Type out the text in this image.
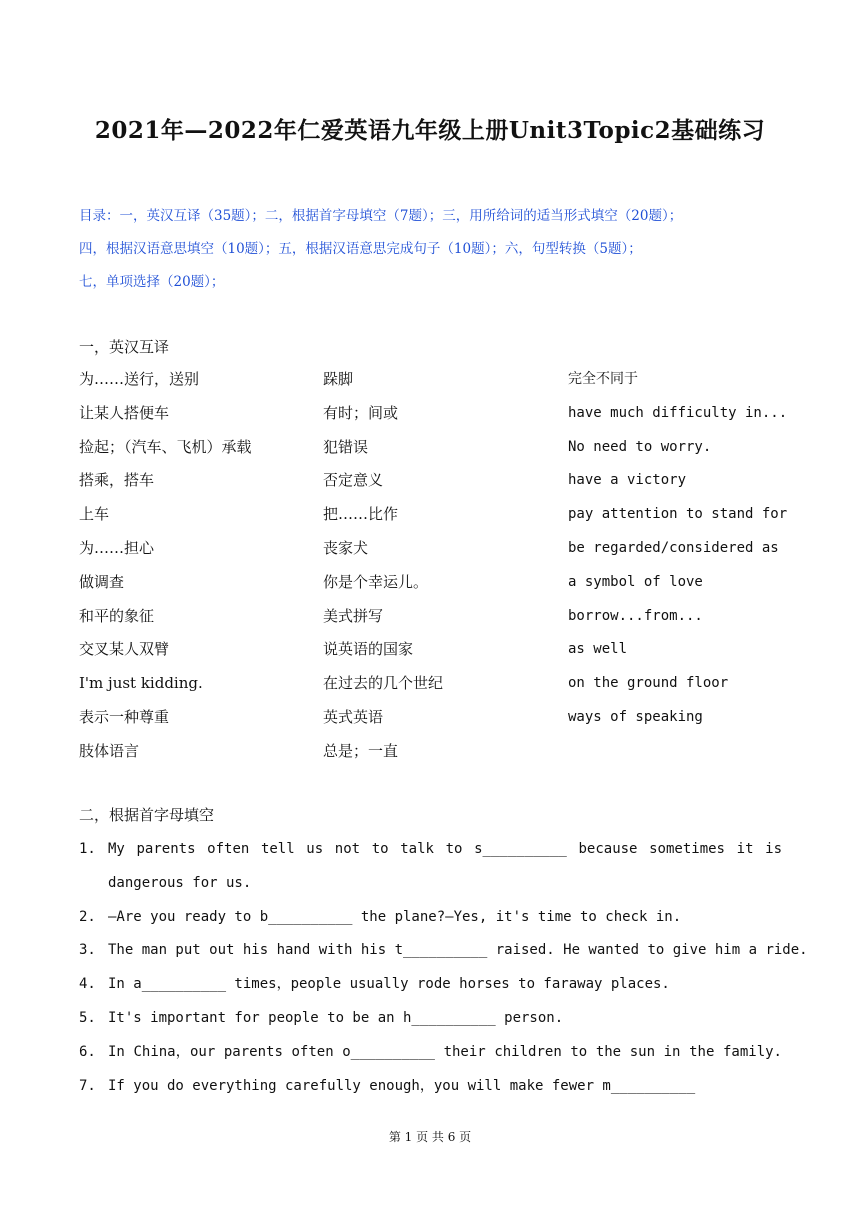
2021年—2022年仁爱英语九年级上册Unit3Topic2基础练习
目录：一，英汉互译（35题）；二，根据首字母填空（7题）；三，用所给词的适当形式填空（20题）；
四，根据汉语意思填空（10题）；五，根据汉语意思完成句子（10题）；六，句型转换（5题）；
七，单项选择（20题）；
一，英汉互译
为……送行，送别	跺脚	完全不同于
让某人搭便车	有时；间或	have much difficulty in...
捡起；（汽车、飞机）承载	犯错误	No need to worry.
搭乘，搭车	否定意义	have a victory
上车	把……比作	pay attention to stand for
为……担心	丧家犬	be regarded/considered as
做调查	你是个幸运儿。	a symbol of love
和平的象征	美式拼写	borrow...from...
交叉某人双臂	说英语的国家	as well
I'm just kidding.	在过去的几个世纪	on the ground floor
表示一种尊重	英式英语	ways of speaking
肢体语言	总是；一直
二，根据首字母填空
1. My parents often tell us not to talk to s__________ because sometimes it is
dangerous for us.
2. —Are you ready to b__________ the plane?—Yes, it's time to check in.
3. The man put out his hand with his t__________ raised. He wanted to give him a ride.
4. In a__________ times，people usually rode horses to faraway places.
5. It's important for people to be an h__________ person.
6. In China，our parents often o__________ their children to the sun in the family.
7. If you do everything carefully enough，you will make fewer m__________
第 1 页 共 6 页
